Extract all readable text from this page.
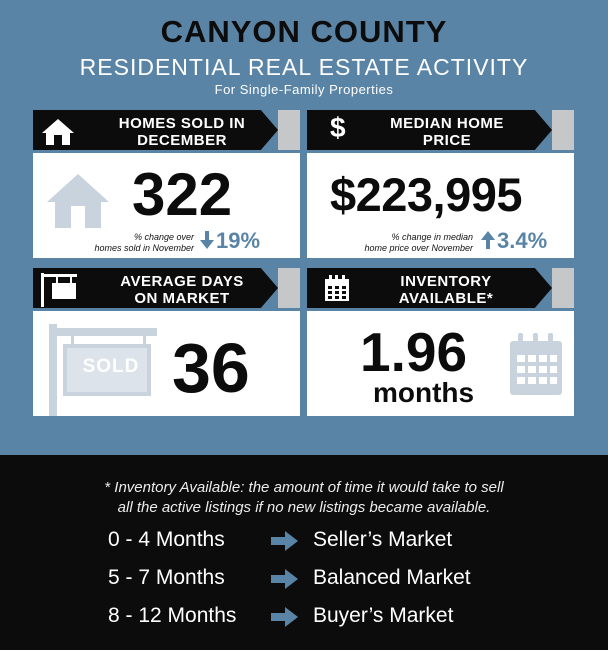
CANYON COUNTY
RESIDENTIAL REAL ESTATE ACTIVITY
For Single-Family Properties
HOMES SOLD IN
DECEMBER
322
% change over
homes sold in November 19%
$	MEDIAN HOME
PRICE
$223,995
% change in median
home price over November 3.4%
AVERAGE DAYS
ON MARKET
SOLD 36
INVENTORY
AVAILABLE*
1.96
months
* Inventory Available: the amount of time it would take to sell
all the active listings if no new listings became available.
0 - 4 Months	Seller’s Market
5 - 7 Months	Balanced Market
8 - 12 Months	Buyer’s Market
